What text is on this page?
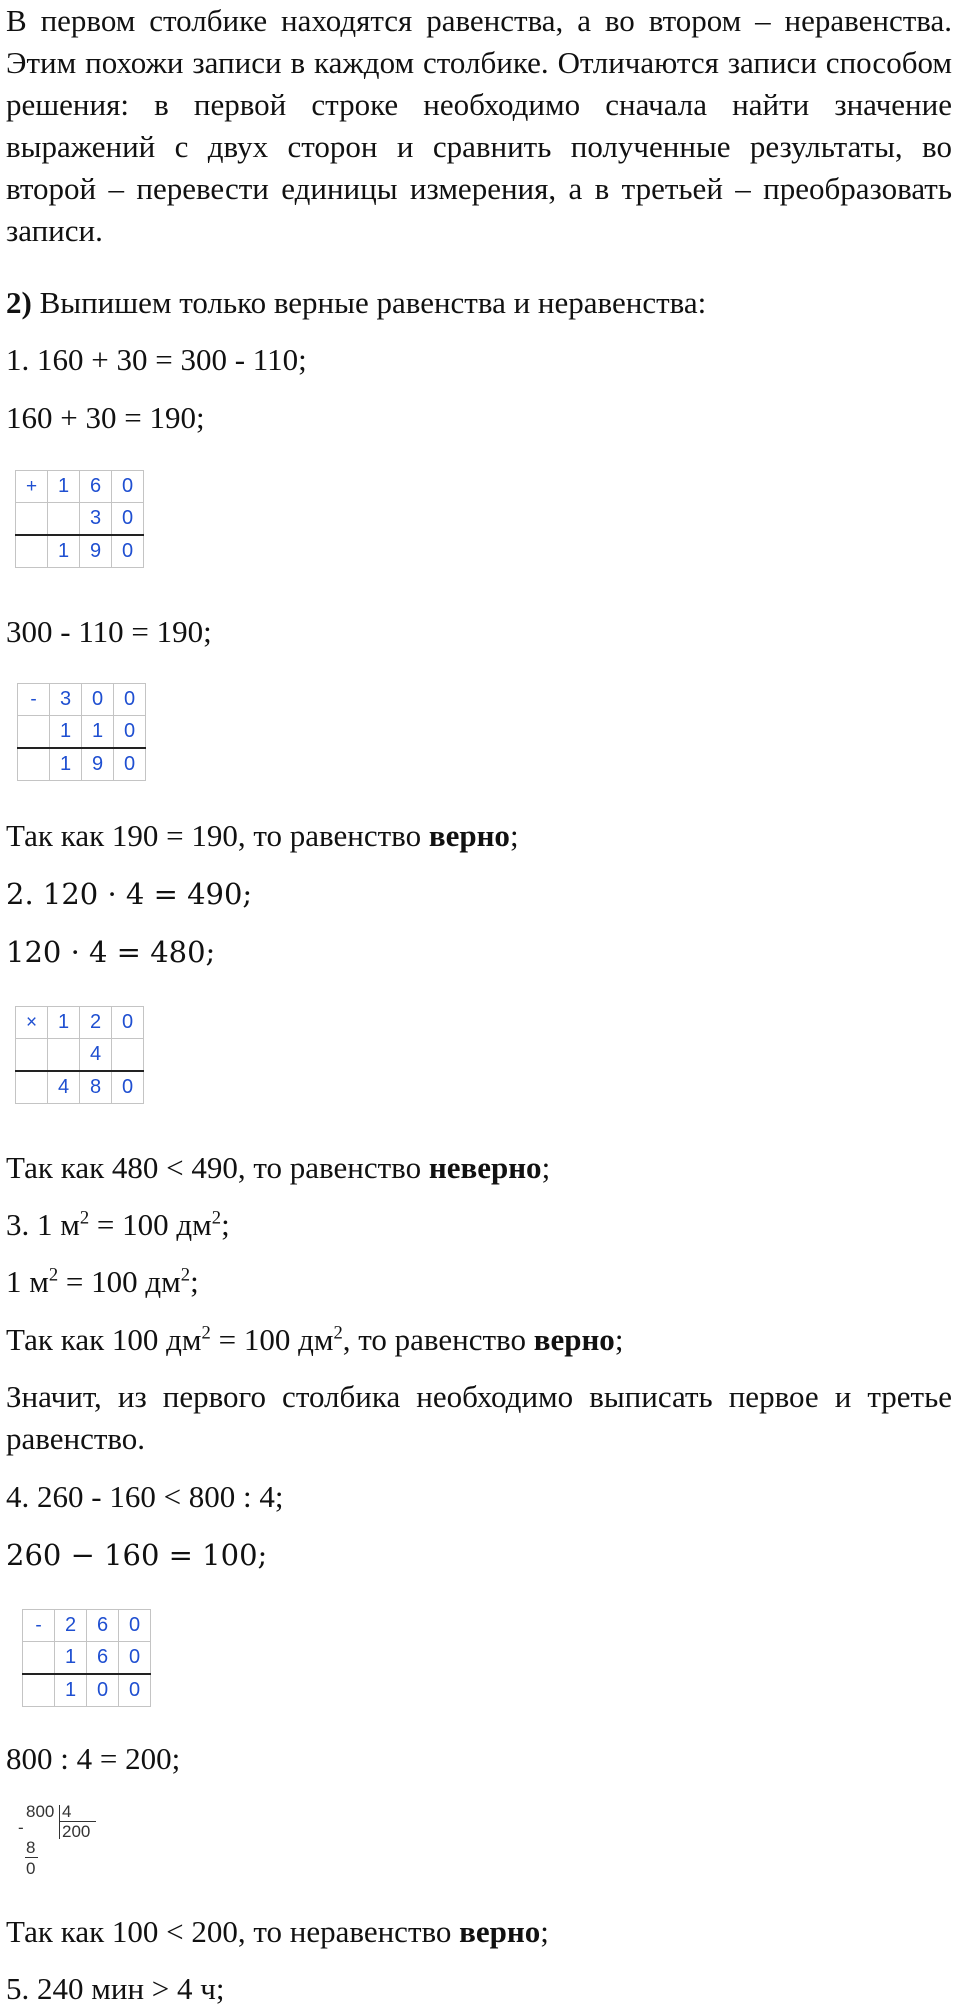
В первом столбике находятся равенства, а во втором – неравенства. Этим похожи записи в каждом столбике. Отличаются записи способом решения: в первой строке необходимо сначала найти значение выражений с двух сторон и сравнить полученные результаты, во второй – перевести единицы измерения, а в третьей – преобразовать записи.

2) Выпишем только верные равенства и неравенства:

1. 160 + 30 = 300 - 110;

160 + 30 = 190;

+	1	6	0
		3	0
	1	9	0

300 - 110 = 190;

-	3	0	0
	1	1	0
	1	9	0

Так как 190 = 190, то равенство верно;

2. 120 · 4 = 490;

120 · 4 = 480;

×	1	2	0
		4	
	4	8	0

Так как 480 < 490, то равенство неверно;

3. 1 $м^2 = 100$ $дм^2$;

1 $м^2 = 100$ $дм^2$;

Так как 100 $дм^2 = 100$ $дм^2$, то равенство верно;

Значит, из первого столбика необходимо выписать первое и третье равенство.

4. 260 - 160 < 800 : 4;

260 − 160 = 100;

-	2	6	0
	1	6	0
	1	0	0

800 : 4 = 200;

-
800 4
200
8
0

Так как 100 < 200, то неравенство верно;

5. 240 мин > 4 ч;
